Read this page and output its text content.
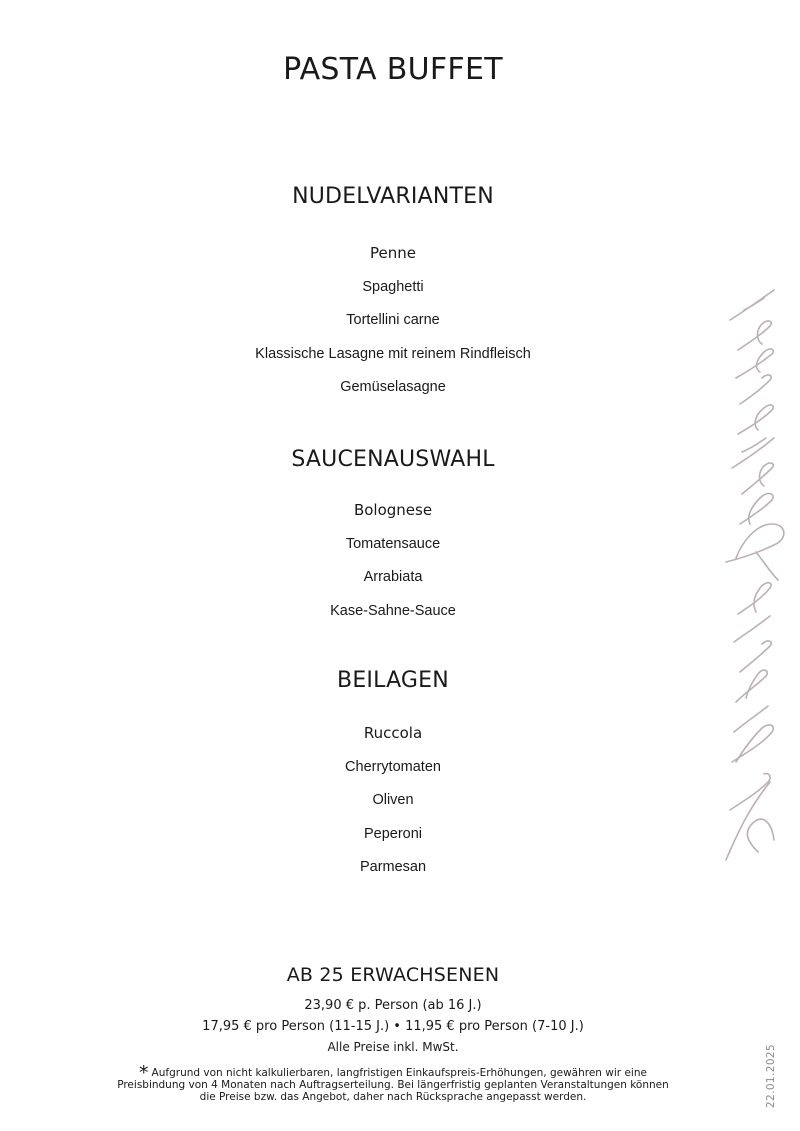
PASTA BUFFET
NUDELVARIANTEN
Penne
Spaghetti
Tortellini carne
Klassische Lasagne mit reinem Rindfleisch
Gemüselasagne
SAUCENAUSWAHL
Bolognese
Tomatensauce
Arrabiata
Kase-Sahne-Sauce
BEILAGEN
Ruccola
Cherrytomaten
Oliven
Peperoni
Parmesan
AB 25 ERWACHSENEN
23,90 € p. Person (ab 16 J.)
17,95 € pro Person (11-15 J.) • 11,95 € pro Person (7-10 J.)
Alle Preise inkl. MwSt.
* Aufgrund von nicht kalkulierbaren, langfristigen Einkaufspreis-Erhöhungen, gewähren wir eine Preisbindung von 4 Monaten nach Auftragserteilung. Bei längerfristig geplanten Veranstaltungen können die Preise bzw. das Angebot, daher nach Rücksprache angepasst werden.	22.01.2025
